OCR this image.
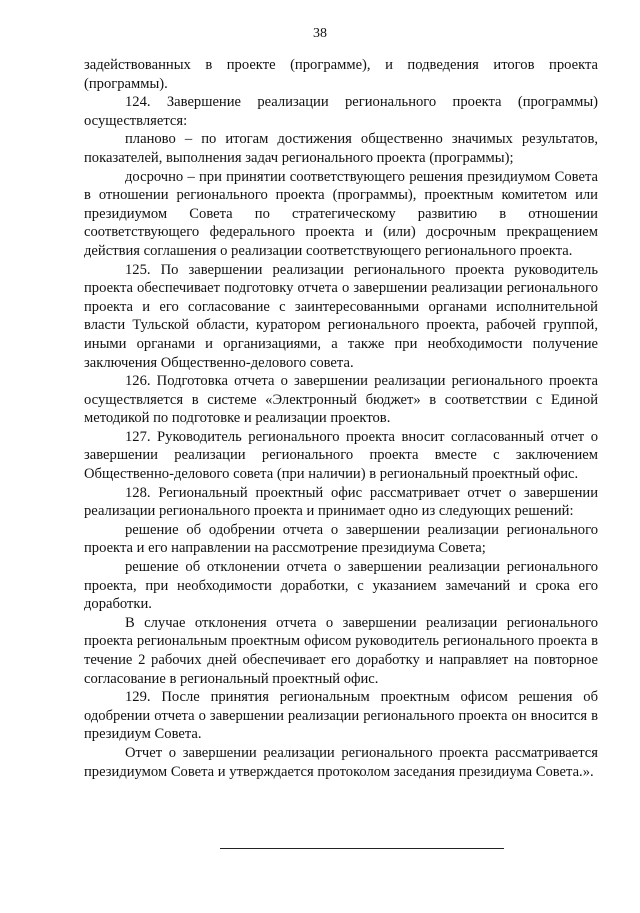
38

задействованных в проекте (программе), и подведения итогов проекта (программы).

124. Завершение реализации регионального проекта (программы) осуществляется:

планово – по итогам достижения общественно значимых результатов, показателей, выполнения задач регионального проекта (программы);

досрочно – при принятии соответствующего решения президиумом Совета в отношении регионального проекта (программы), проектным комитетом или президиумом Совета по стратегическому развитию в отношении соответствующего федерального проекта и (или) досрочным прекращением действия соглашения о реализации соответствующего регионального проекта.

125. По завершении реализации регионального проекта руководитель проекта обеспечивает подготовку отчета о завершении реализации регионального проекта и его согласование с заинтересованными органами исполнительной власти Тульской области, куратором регионального проекта, рабочей группой, иными органами и организациями, а также при необходимости получение заключения Общественно-делового совета.

126. Подготовка отчета о завершении реализации регионального проекта осуществляется в системе «Электронный бюджет» в соответствии с Единой методикой по подготовке и реализации проектов.

127. Руководитель регионального проекта вносит согласованный отчет о завершении реализации регионального проекта вместе с заключением Общественно-делового совета (при наличии) в региональный проектный офис.

128. Региональный проектный офис рассматривает отчет о завершении реализации регионального проекта и принимает одно из следующих решений:

решение об одобрении отчета о завершении реализации регионального проекта и его направлении на рассмотрение президиума Совета;

решение об отклонении отчета о завершении реализации регионального проекта, при необходимости доработки, с указанием замечаний и срока его доработки.

В случае отклонения отчета о завершении реализации регионального проекта региональным проектным офисом руководитель регионального проекта в течение 2 рабочих дней обеспечивает его доработку и направляет на повторное согласование в региональный проектный офис.

129. После принятия региональным проектным офисом решения об одобрении отчета о завершении реализации регионального проекта он вносится в президиум Совета.

Отчет о завершении реализации регионального проекта рассматривается президиумом Совета и утверждается протоколом заседания президиума Совета.».
